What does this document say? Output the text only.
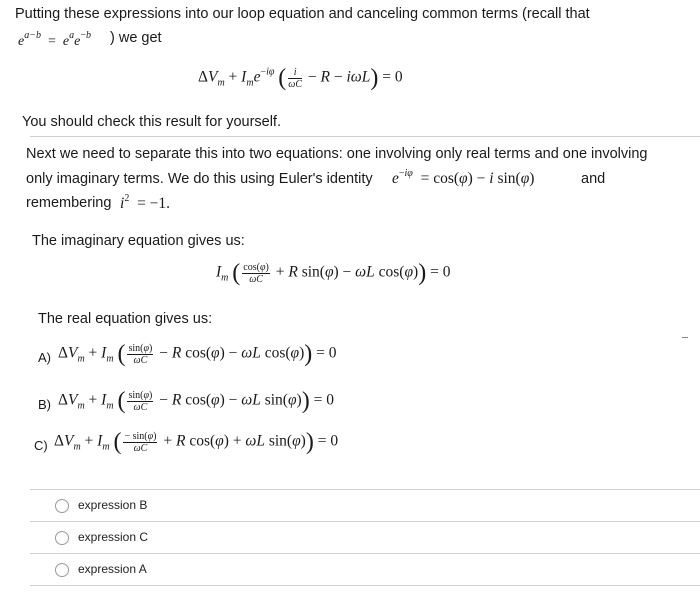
Putting these expressions into our loop equation and canceling common terms (recall that
$e^{a-b} = e^ae^{-b}$ ) we get
$\Delta V_m + I_me^{-i\varphi}$ ( $\frac{i}{\omega C} - R - i\omega L) = 0$
You should check this result for yourself.
Next we need to separate this into two equations: one involving only real terms and one involving
only imaginary terms. We do this using Euler's identity $e^{-i\varphi} = \cos(\varphi) - i$ sin(φ)	and
remembering $i^2 = -1$.
The imaginary equation gives us:
$I_m$ ( $\frac{\cos(\varphi)}{\omega C} + R$ sin(φ) − ωL cos(φ)) = 0
The real equation gives us:
A) $\Delta V_m + I_m$ ( $\frac{\sin(\varphi)}{\omega C} - R$ cos(φ) − ωL cos(φ)) = 0
B) $\Delta V_m + I_m$ ( $\frac{\sin(\varphi)}{\omega C} - R$ cos(φ) − ωL sin(φ)) = 0
C) $\Delta V_m + I_m$ ( $\frac{- \sin(\varphi)}{\omega C} + R$ cos(φ) + ωL sin(φ)) = 0
expression B
expression C
expression A
